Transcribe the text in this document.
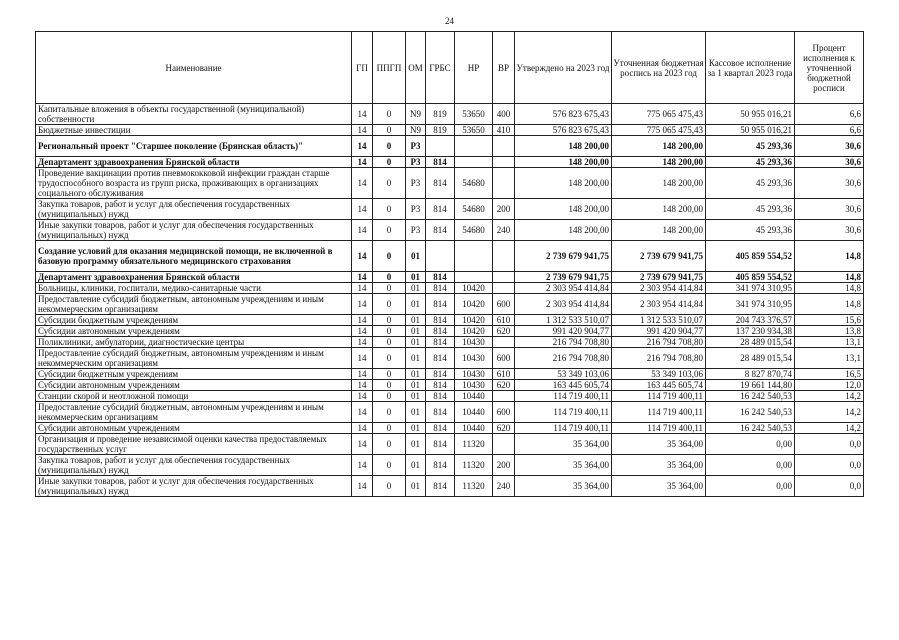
24
Наименование	ГП	ППГП	ОМ	ГРБС	НР	ВР	Утверждено на 2023 год	Уточненная бюджетная роспись на 2023 год	Кассовое исполнение за 1 квартал 2023 года	Процент исполнения к уточненной бюджетной росписи
Капитальные вложения в объекты государственной (муниципальной) собственности	14	0	N9	819	53650	400	576 823 675,43	775 065 475,43	50 955 016,21	6,6
Бюджетные инвестиции	14	0	N9	819	53650	410	576 823 675,43	775 065 475,43	50 955 016,21	6,6
Региональный проект "Старшее поколение (Брянская область)"	14	0	P3				148 200,00	148 200,00	45 293,36	30,6
Департамент здравоохранения Брянской области	14	0	P3	814			148 200,00	148 200,00	45 293,36	30,6
Проведение вакцинации против пневмококковой инфекции граждан старше трудоспособного возраста из групп риска, проживающих в организациях социального обслуживания	14	0	P3	814	54680		148 200,00	148 200,00	45 293,36	30,6
Закупка товаров, работ и услуг для обеспечения государственных (муниципальных) нужд	14	0	P3	814	54680	200	148 200,00	148 200,00	45 293,36	30,6
Иные закупки товаров, работ и услуг для обеспечения государственных (муниципальных) нужд	14	0	P3	814	54680	240	148 200,00	148 200,00	45 293,36	30,6
Создание условий для оказания медицинской помощи, не включенной в базовую программу обязательного медицинского страхования	14	0	01				2 739 679 941,75	2 739 679 941,75	405 859 554,52	14,8
Департамент здравоохранения Брянской области	14	0	01	814			2 739 679 941,75	2 739 679 941,75	405 859 554,52	14,8
Больницы, клиники, госпитали, медико-санитарные части	14	0	01	814	10420		2 303 954 414,84	2 303 954 414,84	341 974 310,95	14,8
Предоставление субсидий бюджетным, автономным учреждениям и иным некоммерческим организациям	14	0	01	814	10420	600	2 303 954 414,84	2 303 954 414,84	341 974 310,95	14,8
Субсидии бюджетным учреждениям	14	0	01	814	10420	610	1 312 533 510,07	1 312 533 510,07	204 743 376,57	15,6
Субсидии автономным учреждениям	14	0	01	814	10420	620	991 420 904,77	991 420 904,77	137 230 934,38	13,8
Поликлиники, амбулатории, диагностические центры	14	0	01	814	10430		216 794 708,80	216 794 708,80	28 489 015,54	13,1
Предоставление субсидий бюджетным, автономным учреждениям и иным некоммерческим организациям	14	0	01	814	10430	600	216 794 708,80	216 794 708,80	28 489 015,54	13,1
Субсидии бюджетным учреждениям	14	0	01	814	10430	610	53 349 103,06	53 349 103,06	8 827 870,74	16,5
Субсидии автономным учреждениям	14	0	01	814	10430	620	163 445 605,74	163 445 605,74	19 661 144,80	12,0
Станции скорой и неотложной помощи	14	0	01	814	10440		114 719 400,11	114 719 400,11	16 242 540,53	14,2
Предоставление субсидий бюджетным, автономным учреждениям и иным некоммерческим организациям	14	0	01	814	10440	600	114 719 400,11	114 719 400,11	16 242 540,53	14,2
Субсидии автономным учреждениям	14	0	01	814	10440	620	114 719 400,11	114 719 400,11	16 242 540,53	14,2
Организация и проведение независимой оценки качества предоставляемых государственных услуг	14	0	01	814	11320		35 364,00	35 364,00	0,00	0,0
Закупка товаров, работ и услуг для обеспечения государственных (муниципальных) нужд	14	0	01	814	11320	200	35 364,00	35 364,00	0,00	0,0
Иные закупки товаров, работ и услуг для обеспечения государственных (муниципальных) нужд	14	0	01	814	11320	240	35 364,00	35 364,00	0,00	0,0
